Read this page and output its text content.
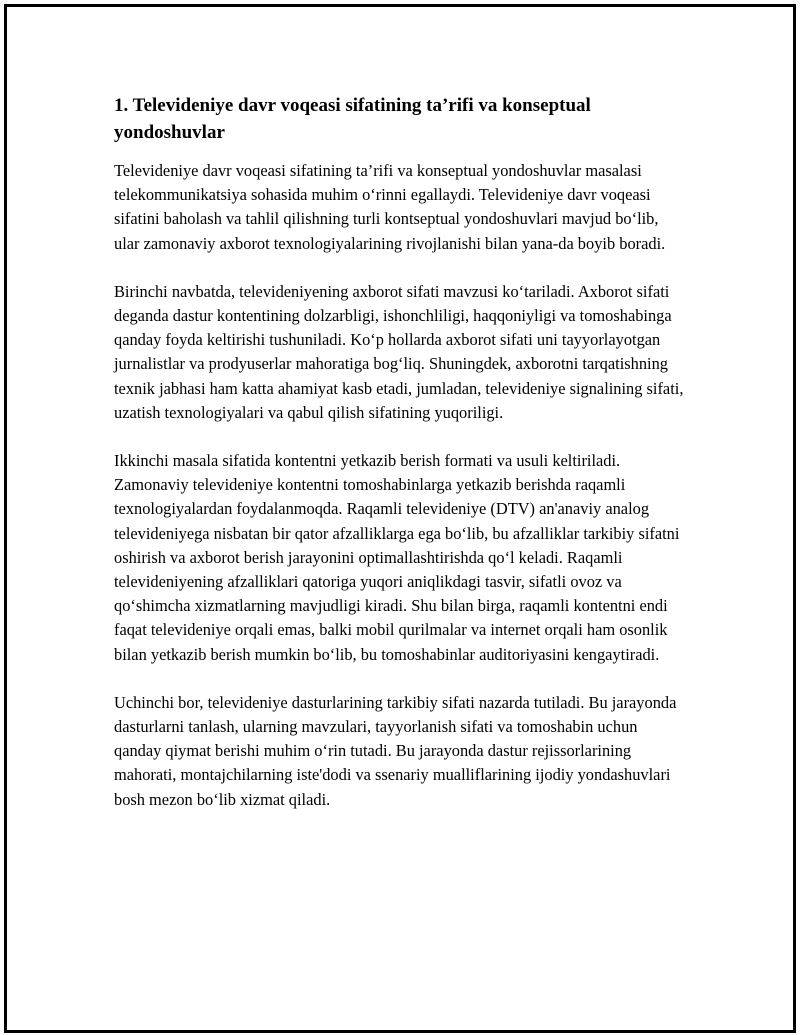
1. Televideniye davr voqeasi sifatining ta’rifi va konseptual yondoshuvlar

Televideniye davr voqeasi sifatining ta’rifi va konseptual yondoshuvlar masalasi telekommunikatsiya sohasida muhim oʻrinni egallaydi. Televideniye davr voqeasi sifatini baholash va tahlil qilishning turli kontseptual yondoshuvlari mavjud boʻlib, ular zamonaviy axborot texnologiyalarining rivojlanishi bilan yana-da boyib boradi.

Birinchi navbatda, televideniyening axborot sifati mavzusi koʻtariladi. Axborot sifati deganda dastur kontentining dolzarbligi, ishonchliligi, haqqoniyligi va tomoshabinga qanday foyda keltirishi tushuniladi. Koʻp hollarda axborot sifati uni tayyorlayotgan jurnalistlar va prodyuserlar mahoratiga bogʻliq. Shuningdek, axborotni tarqatishning texnik jabhasi ham katta ahamiyat kasb etadi, jumladan, televideniye signalining sifati, uzatish texnologiyalari va qabul qilish sifatining yuqoriligi.

Ikkinchi masala sifatida kontentni yetkazib berish formati va usuli keltiriladi. Zamonaviy televideniye kontentni tomoshabinlarga yetkazib berishda raqamli texnologiyalardan foydalanmoqda. Raqamli televideniye (DTV) an'anaviy analog televideniyega nisbatan bir qator afzalliklarga ega boʻlib, bu afzalliklar tarkibiy sifatni oshirish va axborot berish jarayonini optimallashtirishda qoʻl keladi. Raqamli televideniyening afzalliklari qatoriga yuqori aniqlikdagi tasvir, sifatli ovoz va qoʻshimcha xizmatlarning mavjudligi kiradi. Shu bilan birga, raqamli kontentni endi faqat televideniye orqali emas, balki mobil qurilmalar va internet orqali ham osonlik bilan yetkazib berish mumkin boʻlib, bu tomoshabinlar auditoriyasini kengaytiradi.

Uchinchi bor, televideniye dasturlarining tarkibiy sifati nazarda tutiladi. Bu jarayonda dasturlarni tanlash, ularning mavzulari, tayyorlanish sifati va tomoshabin uchun qanday qiymat berishi muhim oʻrin tutadi. Bu jarayonda dastur rejissorlarining mahorati, montajchilarning iste'dodi va ssenariy mualliflarining ijodiy yondashuvlari bosh mezon boʻlib xizmat qiladi.
